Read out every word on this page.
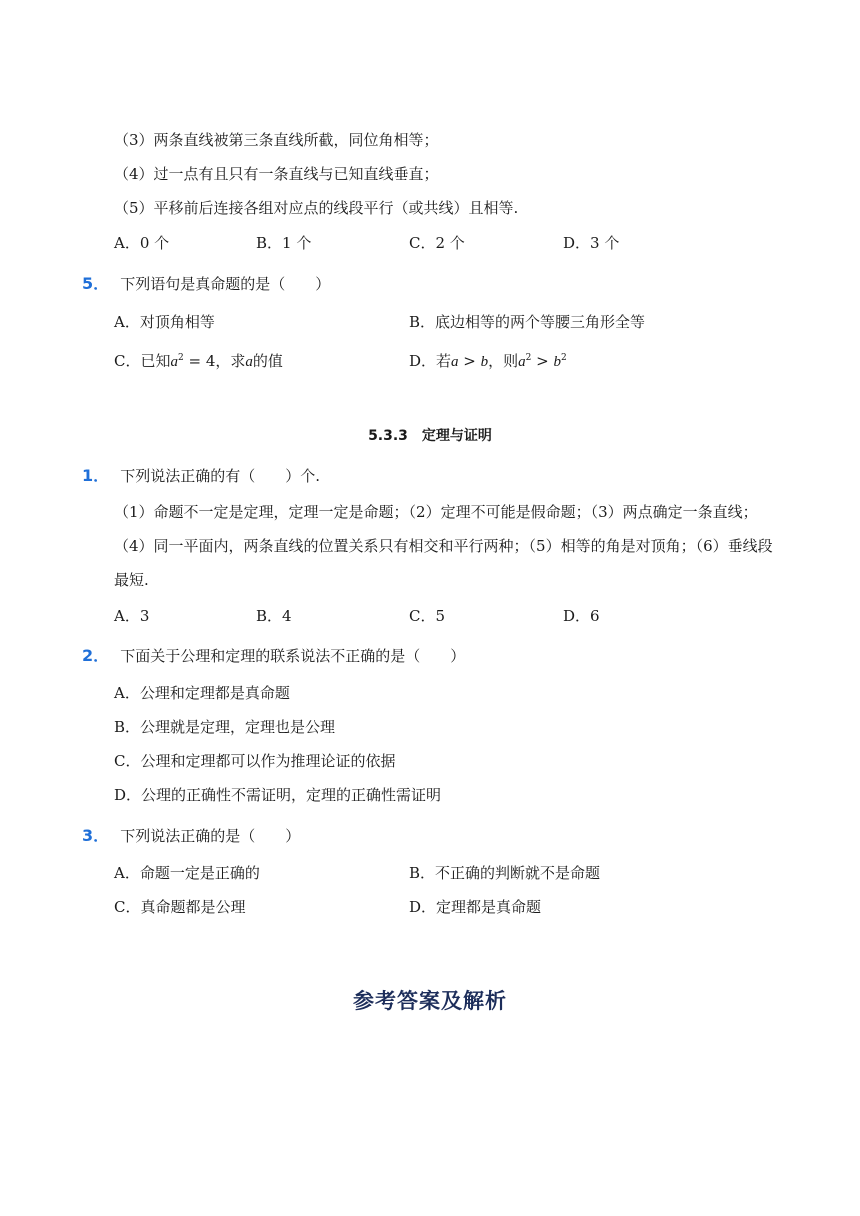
（3）两条直线被第三条直线所截，同位角相等；
（4）过一点有且只有一条直线与已知直线垂直；
（5）平移前后连接各组对应点的线段平行（或共线）且相等.
A．0 个	B．1 个	C．2 个	D．3 个
5． 下列语句是真命题的是（　　）
A．对顶角相等	B．底边相等的两个等腰三角形全等
C．已知$a^2 = 4$，求a的值	D．若a > b，则$a^2 > b^2$
5.3.3　定理与证明
1． 下列说法正确的有（　　）个.
（1）命题不一定是定理，定理一定是命题；（2）定理不可能是假命题；（3）两点确定一条直线；（4）同一平面内，两条直线的位置关系只有相交和平行两种；（5）相等的角是对顶角；（6）垂线段最短.
A．3	B．4	C．5	D．6
2． 下面关于公理和定理的联系说法不正确的是（　　）
A．公理和定理都是真命题
B．公理就是定理，定理也是公理
C．公理和定理都可以作为推理论证的依据
D．公理的正确性不需证明，定理的正确性需证明
3． 下列说法正确的是（　　）
A．命题一定是正确的	B．不正确的判断就不是命题
C．真命题都是公理	D．定理都是真命题
参考答案及解析
